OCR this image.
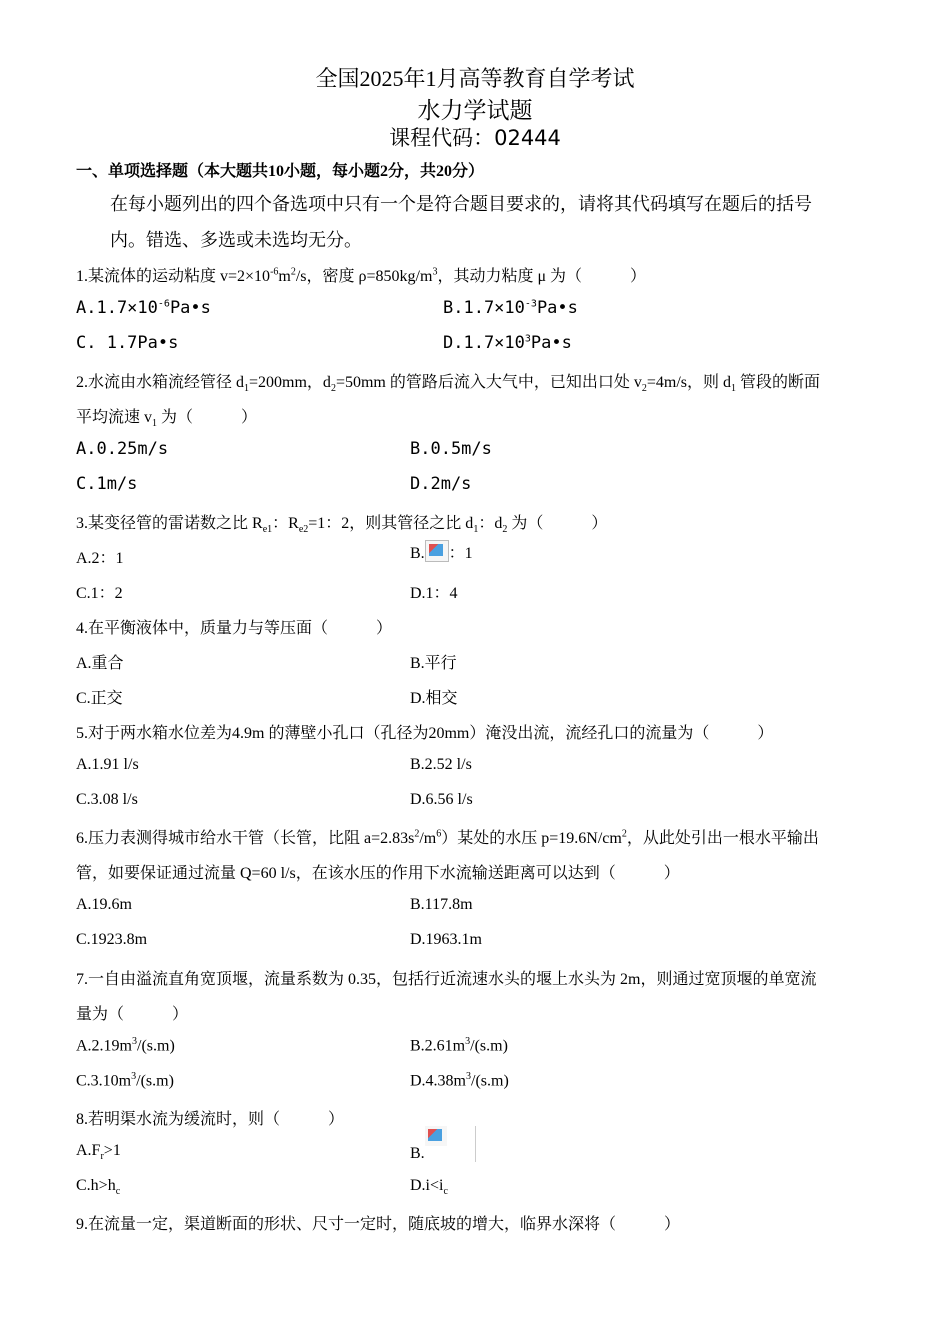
全国2025年1月高等教育自学考试
水力学试题
课程代码：02444
一、单项选择题（本大题共10小题，每小题2分，共20分）
在每小题列出的四个备选项中只有一个是符合题目要求的，请将其代码填写在题后的括号
内。错选、多选或未选均无分。
1.某流体的运动粘度 $v=2\times 10^{-6}m^2/s$，密度 $\rho=850kg/m^3$，其动力粘度 μ 为（　　　）
$A.1.7\times 10^{-6}Pa•s$	$B.1.7\times 10^{-3}Pa•s$
C. 1.7Pa•s	$D.1.7\times 10^3Pa•s$
2.水流由水箱流经管径 $d_1=200mm$，$d_2=50mm$ 的管路后流入大气中，已知出口处 $v_2=4m/s$，则 $d_1$ 管段的断面
平均流速 $v_1$ 为（　　　）
A.0.25m/s	B.0.5m/s
C.1m/s	D.2m/s
3.某变径管的雷诺数之比 $R_{e1}$：$R_{e2}=1$：2，则其管径之比 $d_1$：$d_2$ 为（　　　）
A.2：1	B. ：1
C.1：2	D.1：4
4.在平衡液体中，质量力与等压面（　　　）
A.重合	B.平行
C.正交	D.相交
5.对于两水箱水位差为4.9m 的薄壁小孔口（孔径为20mm）淹没出流，流经孔口的流量为（　　　）
A.1.91 l/s	B.2.52 l/s
C.3.08 l/s	D.6.56 l/s
6.压力表测得城市给水干管（长管，比阻 $a=2.83s^2/m^6$）某处的水压 $p=19.6N/cm^2$，从此处引出一根水平输出
管，如要保证通过流量 Q=60 l/s，在该水压的作用下水流输送距离可以达到（　　　）
A.19.6m	B.117.8m
C.1923.8m	D.1963.1m
7.一自由溢流直角宽顶堰，流量系数为 0.35，包括行近流速水头的堰上水头为 2m，则通过宽顶堰的单宽流
量为（　　　）
$A.2.19m^3/(s.m)$	$B.2.61m^3/(s.m)$
$C.3.10m^3/(s.m)$	$D.4.38m^3/(s.m)$
8.若明渠水流为缓流时，则（　　　）
$A.F_r>1$	B.
$C.h>h_c$	$D.i<i_c$
9.在流量一定，渠道断面的形状、尺寸一定时，随底坡的增大，临界水深将（　　　）
